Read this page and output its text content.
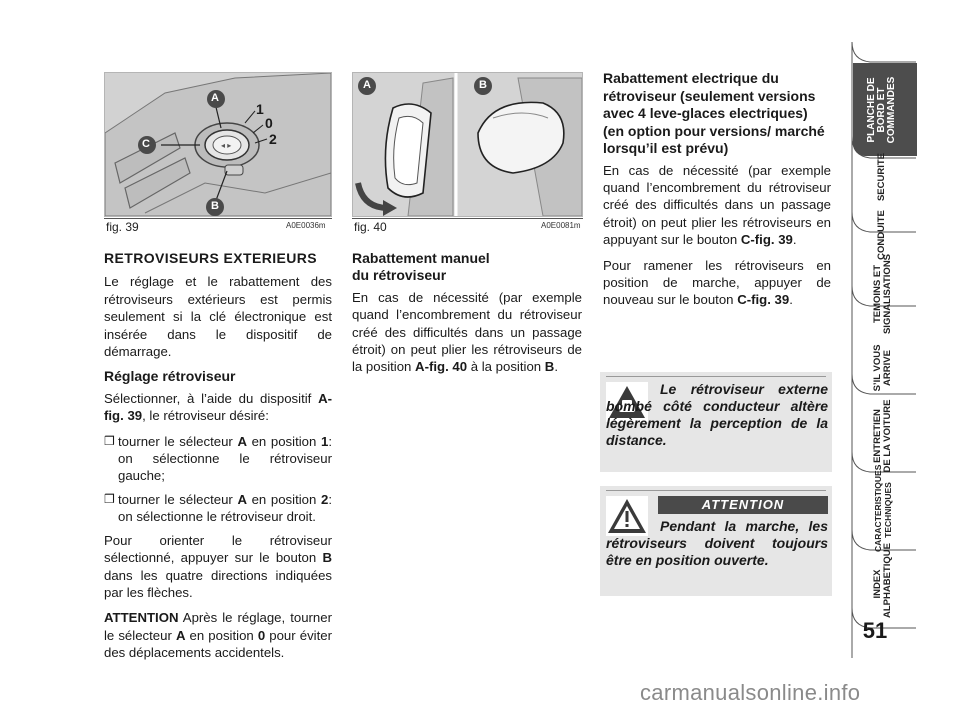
◂ ▸
A
C
B
1
0
2
fig. 39	A0E0036m
A	B
fig. 40	A0E0081m
RETROVISEURS EXTERIEURS

Le réglage et le rabattement des rétroviseurs extérieurs est permis seulement si la clé électronique est insérée dans le dispositif de démarrage.

Réglage rétroviseur

Sélectionner, à l’aide du dispositif A-fig. 39, le rétroviseur désiré:

❒ tourner le sélecteur A en position 1: on sélectionne le rétroviseur gauche;
❒ tourner le sélecteur A en position 2: on sélectionne le rétroviseur droit.

Pour orienter le rétroviseur sélectionné, appuyer sur le bouton B dans les quatre directions indiquées par les flèches.

ATTENTION Après le réglage, tourner le sélecteur A en position 0 pour éviter des déplacements accidentels.

Rabattement manuel
du rétroviseur

En cas de nécessité (par exemple quand l’encombrement du rétroviseur créé des difficultés dans un passage étroit) on peut plier les rétroviseurs de la position A-fig. 40 à la position B.

Rabattement electrique du rétroviseur (seulement versions avec 4 leve-glaces electriques) (en option pour versions/ marché lorsqu’il est prévu)

En cas de nécessité (par exemple quand l’encombrement du rétroviseur créé des difficultés dans un passage étroit) on peut plier les rétroviseurs en appuyant sur le bouton C-fig. 39.

Pour ramener les rétroviseurs en position de marche, appuyer de nouveau sur le bouton C-fig. 39.

Le rétroviseur externe bombé côté conducteur altère légèrement la perception de la distance.
ATTENTION
Pendant la marche, les rétroviseurs doivent toujours être en position ouverte.
PLANCHE DE
BORD ET
COMMANDES
SECURITE
CONDUITE
TEMOINS ET
SIGNALISATIONS
S’IL VOUS
ARRIVE
ENTRETIEN
DE LA VOITURE
CARACTERISTIQUES
TECHNIQUES
51
INDEX
ALPHABETIQUE
carmanualsonline.info
